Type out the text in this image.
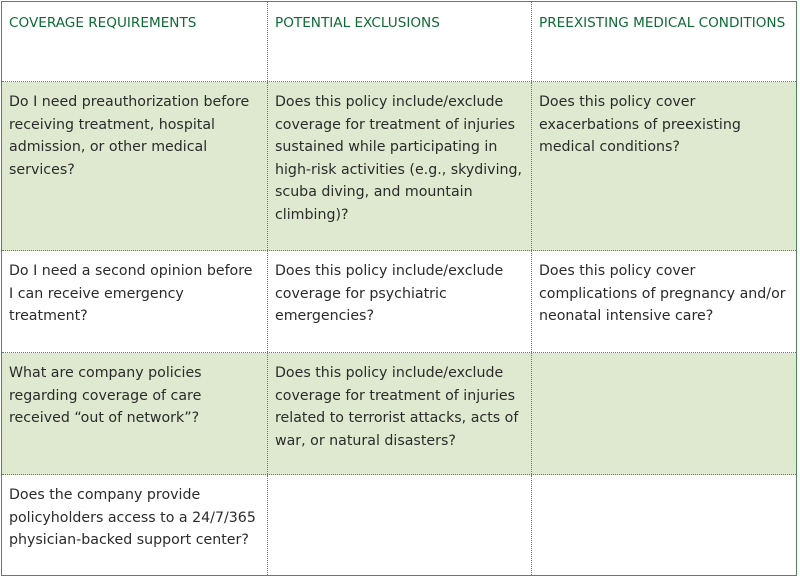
COVERAGE REQUIREMENTS	POTENTIAL EXCLUSIONS	PREEXISTING MEDICAL CONDITIONS
Do I need preauthorization before receiving treatment, hospital admission, or other medical services?
Does this policy include/exclude coverage for treatment of injuries sustained while participating in high-risk activities (e.g., skydiving, scuba diving, and mountain climbing)?
Does this policy cover exacerbations of preexisting medical conditions?
Do I need a second opinion before I can receive emergency treatment?
Does this policy include/exclude coverage for psychiatric emergencies?
Does this policy cover complications of pregnancy and/or neonatal intensive care?
What are company policies regarding coverage of care received “out of network”?
Does this policy include/exclude coverage for treatment of injuries related to terrorist attacks, acts of war, or natural disasters?
Does the company provide policyholders access to a 24/7/365 physician-backed support center?
